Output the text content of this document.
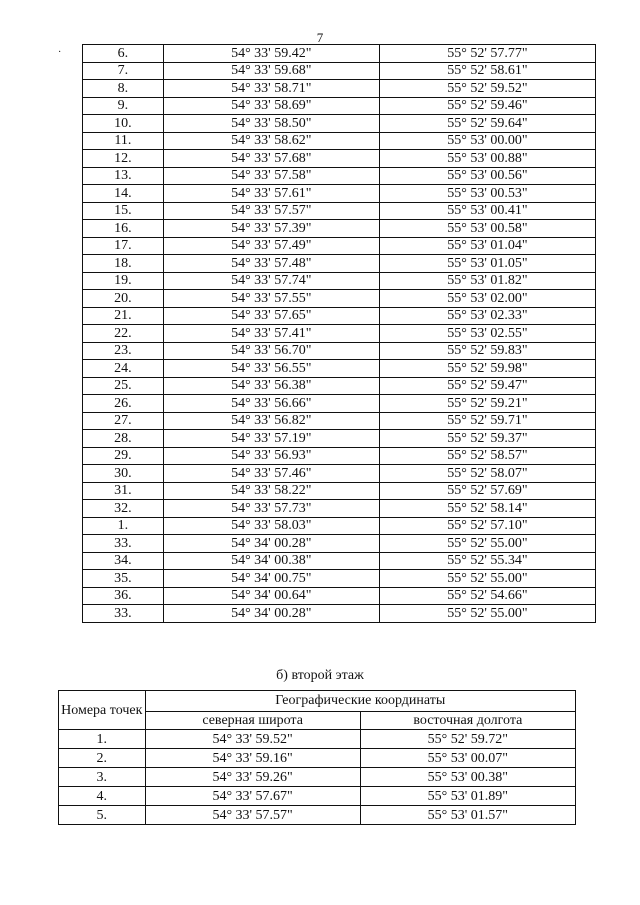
7
·	6.	54° 33' 59.42"	55° 52' 57.77"
7.	54° 33' 59.68"	55° 52' 58.61"
8.	54° 33' 58.71"	55° 52' 59.52"
9.	54° 33' 58.69"	55° 52' 59.46"
10.	54° 33' 58.50"	55° 52' 59.64"
11.	54° 33' 58.62"	55° 53' 00.00"
12.	54° 33' 57.68"	55° 53' 00.88"
13.	54° 33' 57.58"	55° 53' 00.56"
14.	54° 33' 57.61"	55° 53' 00.53"
15.	54° 33' 57.57"	55° 53' 00.41"
16.	54° 33' 57.39"	55° 53' 00.58"
17.	54° 33' 57.49"	55° 53' 01.04"
18.	54° 33' 57.48"	55° 53' 01.05"
19.	54° 33' 57.74"	55° 53' 01.82"
20.	54° 33' 57.55"	55° 53' 02.00"
21.	54° 33' 57.65"	55° 53' 02.33"
22.	54° 33' 57.41"	55° 53' 02.55"
23.	54° 33' 56.70"	55° 52' 59.83"
24.	54° 33' 56.55"	55° 52' 59.98"
25.	54° 33' 56.38"	55° 52' 59.47"
26.	54° 33' 56.66"	55° 52' 59.21"
27.	54° 33' 56.82"	55° 52' 59.71"
28.	54° 33' 57.19"	55° 52' 59.37"
29.	54° 33' 56.93"	55° 52' 58.57"
30.	54° 33' 57.46"	55° 52' 58.07"
31.	54° 33' 58.22"	55° 52' 57.69"
32.	54° 33' 57.73"	55° 52' 58.14"
1.	54° 33' 58.03"	55° 52' 57.10"
33.	54° 34' 00.28"	55° 52' 55.00"
34.	54° 34' 00.38"	55° 52' 55.34"
35.	54° 34' 00.75"	55° 52' 55.00"
36.	54° 34' 00.64"	55° 52' 54.66"
33.	54° 34' 00.28"	55° 52' 55.00"
б) второй этаж
Номера точек	Географические координаты	
	северная широта	восточная долгота
1.	54° 33' 59.52"	55° 52' 59.72"
2.	54° 33' 59.16"	55° 53' 00.07"
3.	54° 33' 59.26"	55° 53' 00.38"
4.	54° 33' 57.67"	55° 53' 01.89"
5.	54° 33' 57.57"	55° 53' 01.57"
